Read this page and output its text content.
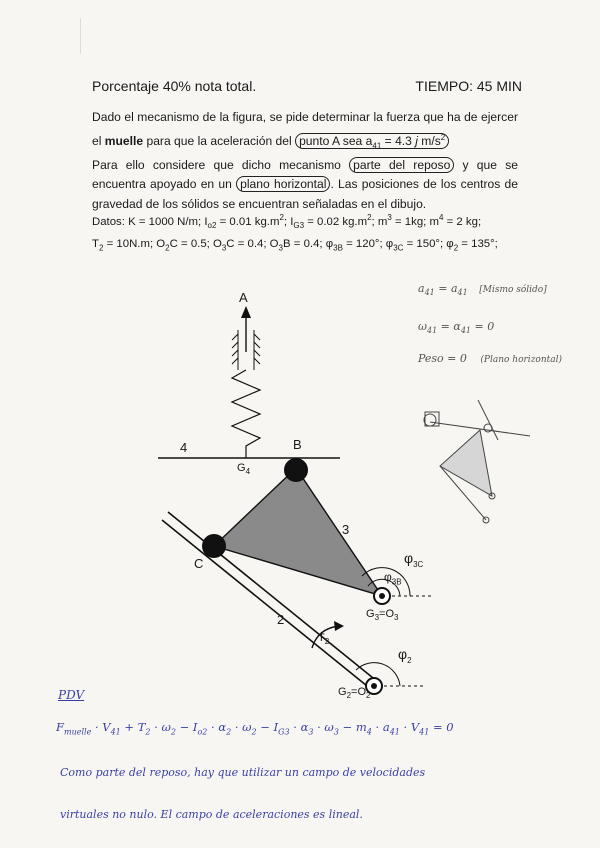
Porcentaje 40% nota total.	TIEMPO: 45 MIN
Dado el mecanismo de la figura, se pide determinar la fuerza que ha de ejercer el muelle para que la aceleración del punto A sea $a_{41} = 4.3$ j $m/s^2$
Para ello considere que dicho mecanismo parte del reposo y que se encuentra apoyado en un plano horizontal . Las posiciones de los centros de gravedad de los sólidos se encuentran señaladas en el dibujo.
Datos: K = 1000 N/m; $I_{o2} = 0.01$ $kg.m^2$; $I_{G3} = 0.02$ $kg.m^2$; $m^3 = 1kg$; $m^4 = 2$ kg;
$T_2 = 10N.m$; $O_2C = 0.5$; $O_3C = 0.4$; $O_3B = 0.4$; $\varphi_{3B} = 120^\circ$; $\varphi_{3C} = 150^\circ$; $\varphi_2 = 135^\circ$;
A
B
C
4
3
2
$G_4$
$T_2$
$G_3=O_3$
$G_2=O_2$
$\varphi_{3C}$
$\varphi_{3B}$
$\varphi_2$
$a_{41} = a_{41}$ [Mismo sólido]
$\omega_{41} = \alpha_{41} = 0$
Peso = 0 (Plano horizontal)
PDV
$F_{muelle} \cdot V_{41} + T_2 \cdot \omega_2 - I_{o2} \cdot \alpha_2 \cdot \omega_2 - I_{G3} \cdot \alpha_3 \cdot \omega_3 - m_4 \cdot a_{41} \cdot V_{41} = 0$
Como parte del reposo, hay que utilizar un campo de velocidades
virtuales no nulo. El campo de aceleraciones es lineal.
